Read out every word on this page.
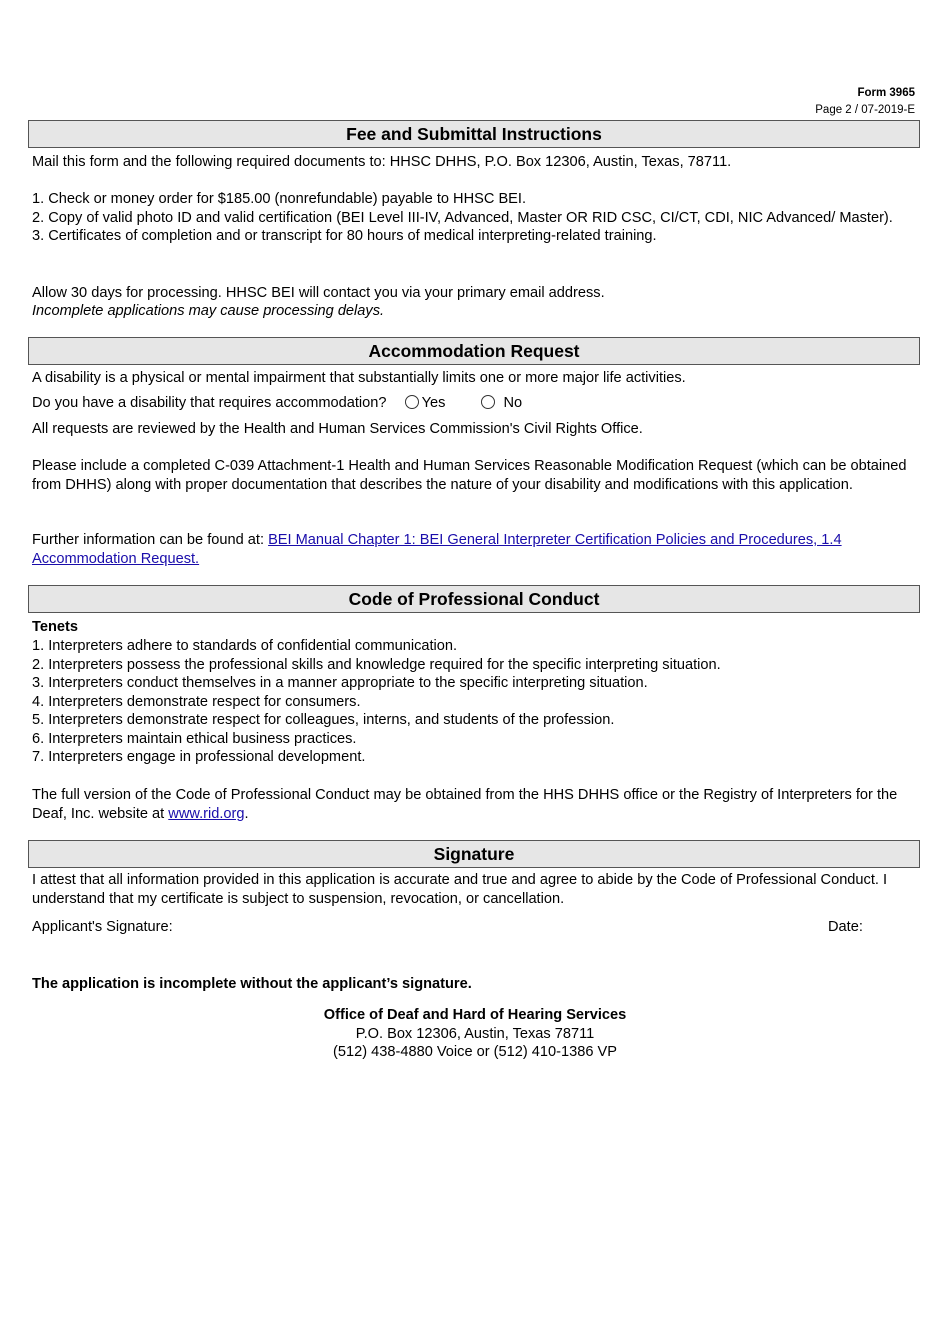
Form 3965
Page 2 / 07-2019-E
Fee and Submittal Instructions
Mail this form and the following required documents to: HHSC DHHS, P.O. Box 12306, Austin, Texas, 78711.
1. Check or money order for $185.00 (nonrefundable) payable to HHSC BEI.
2. Copy of valid photo ID and valid certification (BEI Level III-IV, Advanced, Master OR RID CSC, CI/CT, CDI, NIC Advanced/ Master).
3. Certificates of completion and or transcript for 80 hours of medical interpreting-related training.
Allow 30 days for processing. HHSC BEI will contact you via your primary email address.
Incomplete applications may cause processing delays.
Accommodation Request
A disability is a physical or mental impairment that substantially limits one or more major life activities.
Do you have a disability that requires accommodation? Yes	No
All requests are reviewed by the Health and Human Services Commission's Civil Rights Office.
Please include a completed C-039 Attachment-1 Health and Human Services Reasonable Modification Request (which can be obtained from DHHS) along with proper documentation that describes the nature of your disability and modifications with this application.
Further information can be found at: BEI Manual Chapter 1: BEI General Interpreter Certification Policies and Procedures, 1.4 Accommodation Request.
Code of Professional Conduct
Tenets
1. Interpreters adhere to standards of confidential communication.
2. Interpreters possess the professional skills and knowledge required for the specific interpreting situation.
3. Interpreters conduct themselves in a manner appropriate to the specific interpreting situation.
4. Interpreters demonstrate respect for consumers.
5. Interpreters demonstrate respect for colleagues, interns, and students of the profession.
6. Interpreters maintain ethical business practices.
7. Interpreters engage in professional development.
The full version of the Code of Professional Conduct may be obtained from the HHS DHHS office or the Registry of Interpreters for the Deaf, Inc. website at www.rid.org.
Signature
I attest that all information provided in this application is accurate and true and agree to abide by the Code of Professional Conduct. I understand that my certificate is subject to suspension, revocation, or cancellation.
Applicant's Signature:	Date:
The application is incomplete without the applicant’s signature.
Office of Deaf and Hard of Hearing Services
P.O. Box 12306, Austin, Texas 78711
(512) 438-4880 Voice or (512) 410-1386 VP
